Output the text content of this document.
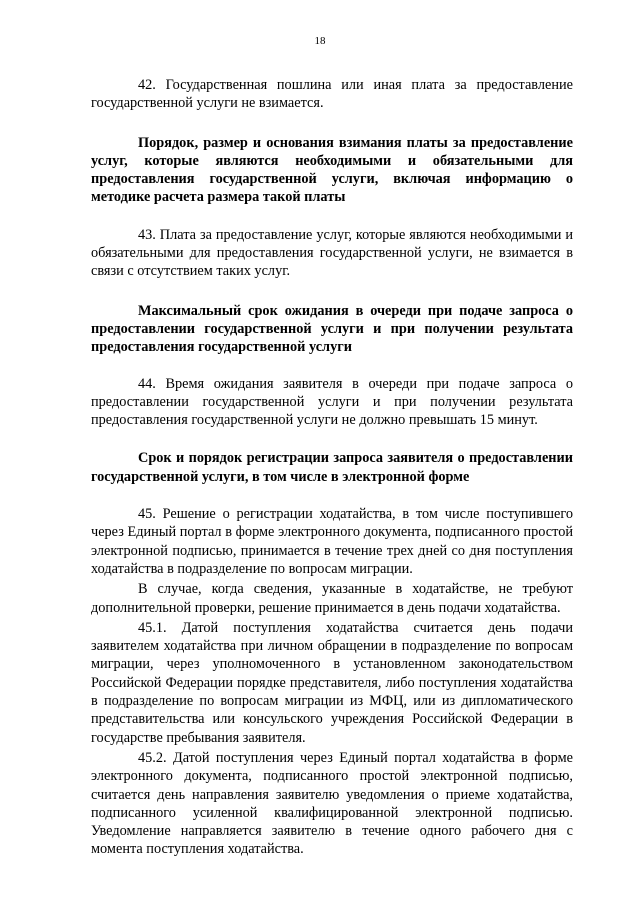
18

42. Государственная пошлина или иная плата за предоставление государственной услуги не взимается.

Порядок, размер и основания взимания платы за предоставление услуг, которые являются необходимыми и обязательными для предоставления государственной услуги, включая информацию о методике расчета размера такой платы

43. Плата за предоставление услуг, которые являются необходимыми и обязательными для предоставления государственной услуги, не взимается в связи с отсутствием таких услуг.

Максимальный срок ожидания в очереди при подаче запроса о предоставлении государственной услуги и при получении результата предоставления государственной услуги

44. Время ожидания заявителя в очереди при подаче запроса о предоставлении государственной услуги и при получении результата предоставления государственной услуги не должно превышать 15 минут.

Срок и порядок регистрации запроса заявителя о предоставлении государственной услуги, в том числе в электронной форме

45. Решение о регистрации ходатайства, в том числе поступившего через Единый портал в форме электронного документа, подписанного простой электронной подписью, принимается в течение трех дней со дня поступления ходатайства в подразделение по вопросам миграции.

В случае, когда сведения, указанные в ходатайстве, не требуют дополнительной проверки, решение принимается в день подачи ходатайства.

45.1. Датой поступления ходатайства считается день подачи заявителем ходатайства при личном обращении в подразделение по вопросам миграции, через уполномоченного в установленном законодательством Российской Федерации порядке представителя, либо поступления ходатайства в подразделение по вопросам миграции из МФЦ, или из дипломатического представительства или консульского учреждения Российской Федерации в государстве пребывания заявителя.

45.2. Датой поступления через Единый портал ходатайства в форме электронного документа, подписанного простой электронной подписью, считается день направления заявителю уведомления о приеме ходатайства, подписанного усиленной квалифицированной электронной подписью. Уведомление направляется заявителю в течение одного рабочего дня с момента поступления ходатайства.
